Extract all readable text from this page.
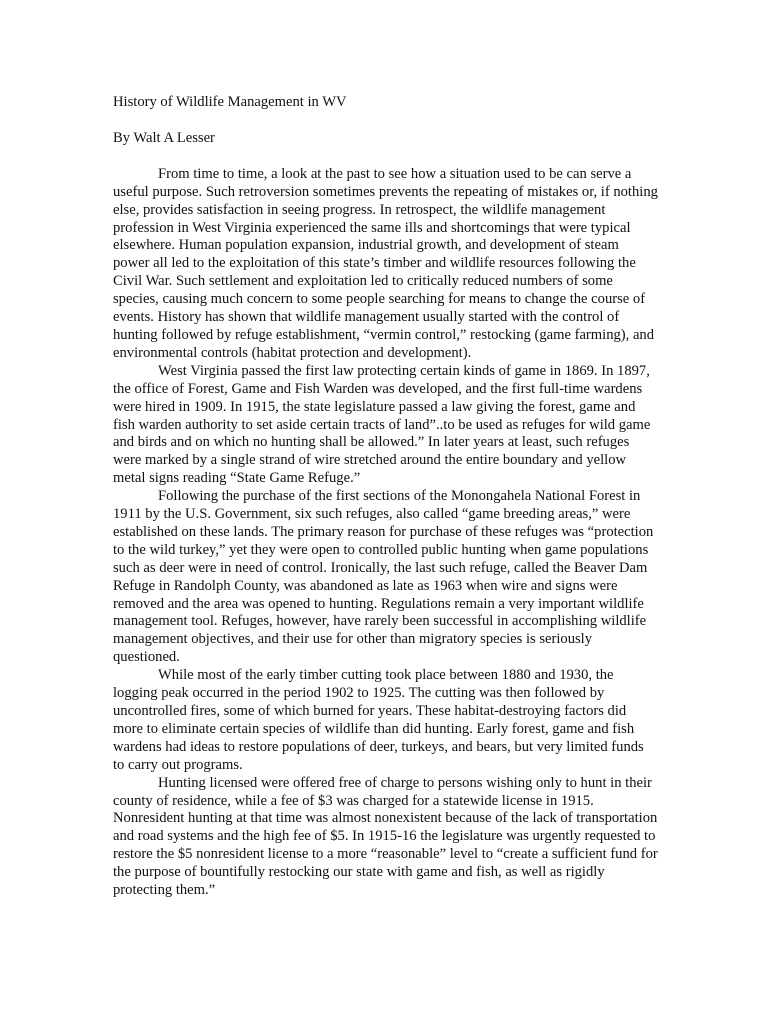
History of Wildlife Management in WV

By Walt A Lesser

From time to time, a look at the past to see how a situation used to be can serve a useful purpose. Such retroversion sometimes prevents the repeating of mistakes or, if nothing else, provides satisfaction in seeing progress. In retrospect, the wildlife management profession in West Virginia experienced the same ills and shortcomings that were typical elsewhere. Human population expansion, industrial growth, and development of steam power all led to the exploitation of this state’s timber and wildlife resources following the Civil War. Such settlement and exploitation led to critically reduced numbers of some species, causing much concern to some people searching for means to change the course of events. History has shown that wildlife management usually started with the control of hunting followed by refuge establishment, “vermin control,” restocking (game farming), and environmental controls (habitat protection and development).

West Virginia passed the first law protecting certain kinds of game in 1869. In 1897, the office of Forest, Game and Fish Warden was developed, and the first full-time wardens were hired in 1909. In 1915, the state legislature passed a law giving the forest, game and fish warden authority to set aside certain tracts of land”..to be used as refuges for wild game and birds and on which no hunting shall be allowed.” In later years at least, such refuges were marked by a single strand of wire stretched around the entire boundary and yellow metal signs reading “State Game Refuge.”

Following the purchase of the first sections of the Monongahela National Forest in 1911 by the U.S. Government, six such refuges, also called “game breeding areas,” were established on these lands. The primary reason for purchase of these refuges was “protection to the wild turkey,” yet they were open to controlled public hunting when game populations such as deer were in need of control. Ironically, the last such refuge, called the Beaver Dam Refuge in Randolph County, was abandoned as late as 1963 when wire and signs were removed and the area was opened to hunting. Regulations remain a very important wildlife management tool. Refuges, however, have rarely been successful in accomplishing wildlife management objectives, and their use for other than migratory species is seriously questioned.

While most of the early timber cutting took place between 1880 and 1930, the logging peak occurred in the period 1902 to 1925. The cutting was then followed by uncontrolled fires, some of which burned for years. These habitat-destroying factors did more to eliminate certain species of wildlife than did hunting. Early forest, game and fish wardens had ideas to restore populations of deer, turkeys, and bears, but very limited funds to carry out programs.

Hunting licensed were offered free of charge to persons wishing only to hunt in their county of residence, while a fee of $3 was charged for a statewide license in 1915. Nonresident hunting at that time was almost nonexistent because of the lack of transportation and road systems and the high fee of $5. In 1915-16 the legislature was urgently requested to restore the $5 nonresident license to a more “reasonable” level to “create a sufficient fund for the purpose of bountifully restocking our state with game and fish, as well as rigidly protecting them.”
